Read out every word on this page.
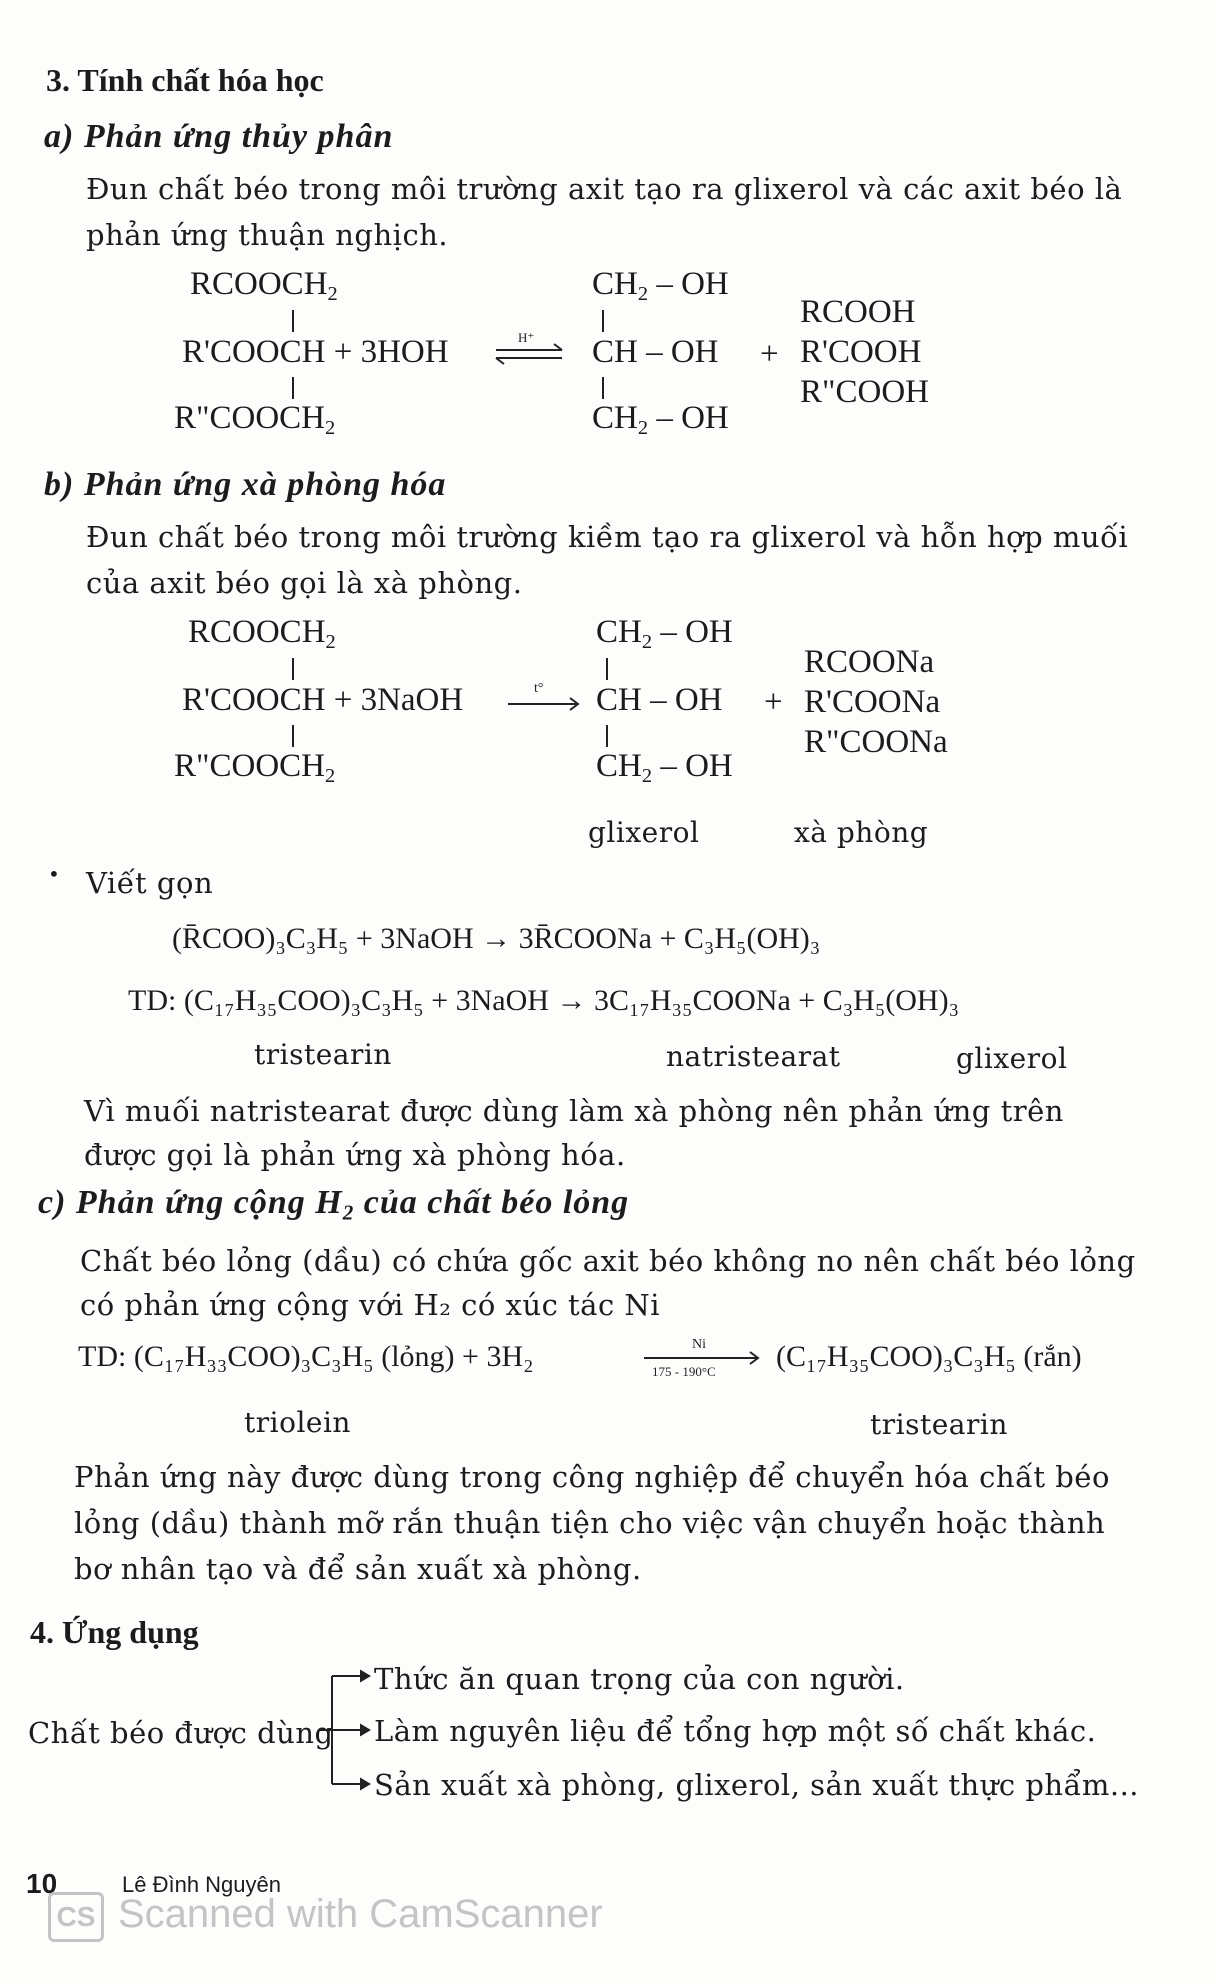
3. Tính chất hóa học
a) Phản ứng thủy phân
Đun chất béo trong môi trường axit tạo ra glixerol và các axit béo là
phản ứng thuận nghịch.
$RCOOCH_2$
R'COOCH + 3HOH
$R"COOCH_2$
H⁺
$CH_2$ – OH
CH – OH
$CH_2$ – OH
+
RCOOH
R'COOH
R"COOH
b) Phản ứng xà phòng hóa
Đun chất béo trong môi trường kiềm tạo ra glixerol và hỗn hợp muối
của axit béo gọi là xà phòng.
$RCOOCH_2$
R'COOCH + 3NaOH
$R"COOCH_2$
t°
$CH_2$ – OH
CH – OH
$CH_2$ – OH
+
RCOONa
R'COONa
R"COONa
glixerol	xà phòng
• Viết gọn
(R̄COO)₃C₃H₅ + 3NaOH → 3R̄COONa + C₃H₅(OH)₃
TD: (C₁₇H₃₅COO)₃C₃H₅ + 3NaOH → 3C₁₇H₃₅COONa + C₃H₅(OH)₃
tristearin	natristearat	glixerol
Vì muối natristearat được dùng làm xà phòng nên phản ứng trên
được gọi là phản ứng xà phòng hóa.
c) Phản ứng cộng $H_2$ của chất béo lỏng
Chất béo lỏng (dầu) có chứa gốc axit béo không no nên chất béo lỏng
có phản ứng cộng với H₂ có xúc tác Ni
TD: (C₁₇H₃₃COO)₃C₃H₅ (lỏng) + 3H₂	Ni
175 - 190°C (C₁₇H₃₅COO)₃C₃H₅ (rắn)
triolein	tristearin
Phản ứng này được dùng trong công nghiệp để chuyển hóa chất béo
lỏng (dầu) thành mỡ rắn thuận tiện cho việc vận chuyển hoặc thành
bơ nhân tạo và để sản xuất xà phòng.
4. Ứng dụng
Chất béo được dùng
Thức ăn quan trọng của con người.
Làm nguyên liệu để tổng hợp một số chất khác.
Sản xuất xà phòng, glixerol, sản xuất thực phẩm...
10	Lê Đình Nguyên
CS Scanned with CamScanner
